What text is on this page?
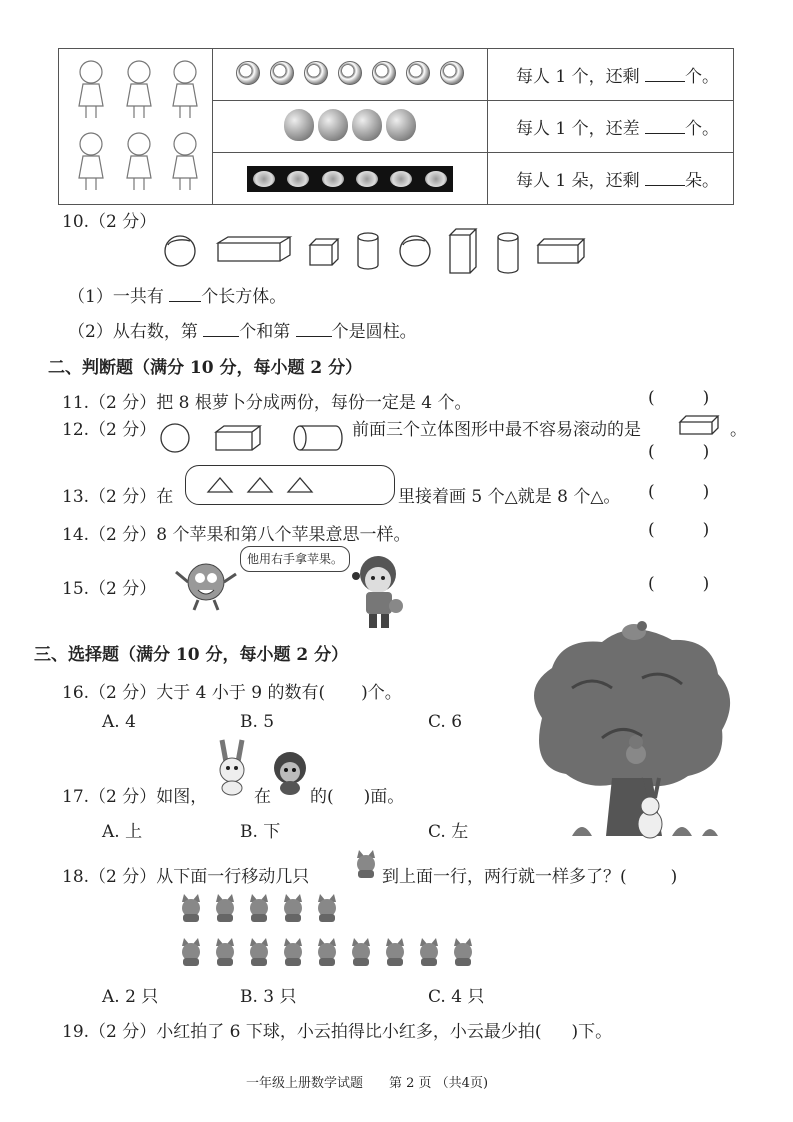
		每人 1 个，还剩 个。
		每人 1 个，还差 个。

		每人 1 朵，还剩 朵。
10.（2 分）
（1）一共有 个长方体。
（2）从右数，第 个和第 个是圆柱。
二、判断题（满分 10 分，每小题 2 分）
11.（2 分）把 8 根萝卜分成两份，每份一定是 4 个。	(	)
12.（2 分）	前面三个立体图形中最不容易滚动的是	。
(	)
13.（2 分）在	里接着画 5 个△就是 8 个△。 (	)
14.（2 分）8 个苹果和第八个苹果意思一样。	(	)
15.（2 分）
他用右手拿苹果。
(	)
三、选择题（满分 10 分，每小题 2 分）
16.（2 分）大于 4 小于 9 的数有( )个。
A. 4	B. 5	C. 6
17.（2 分）如图，	在 的( )面。
A. 上	B. 下	C. 左
18.（2 分）从下面一行移动几只	到上面一行，两行就一样多了？(	)
A. 2 只	B. 3 只	C. 4 只
19.（2 分）小红拍了 6 下球，小云拍得比小红多，小云最少拍( )下。
一年级上册数学试题　　第 2 页 （共4页)
